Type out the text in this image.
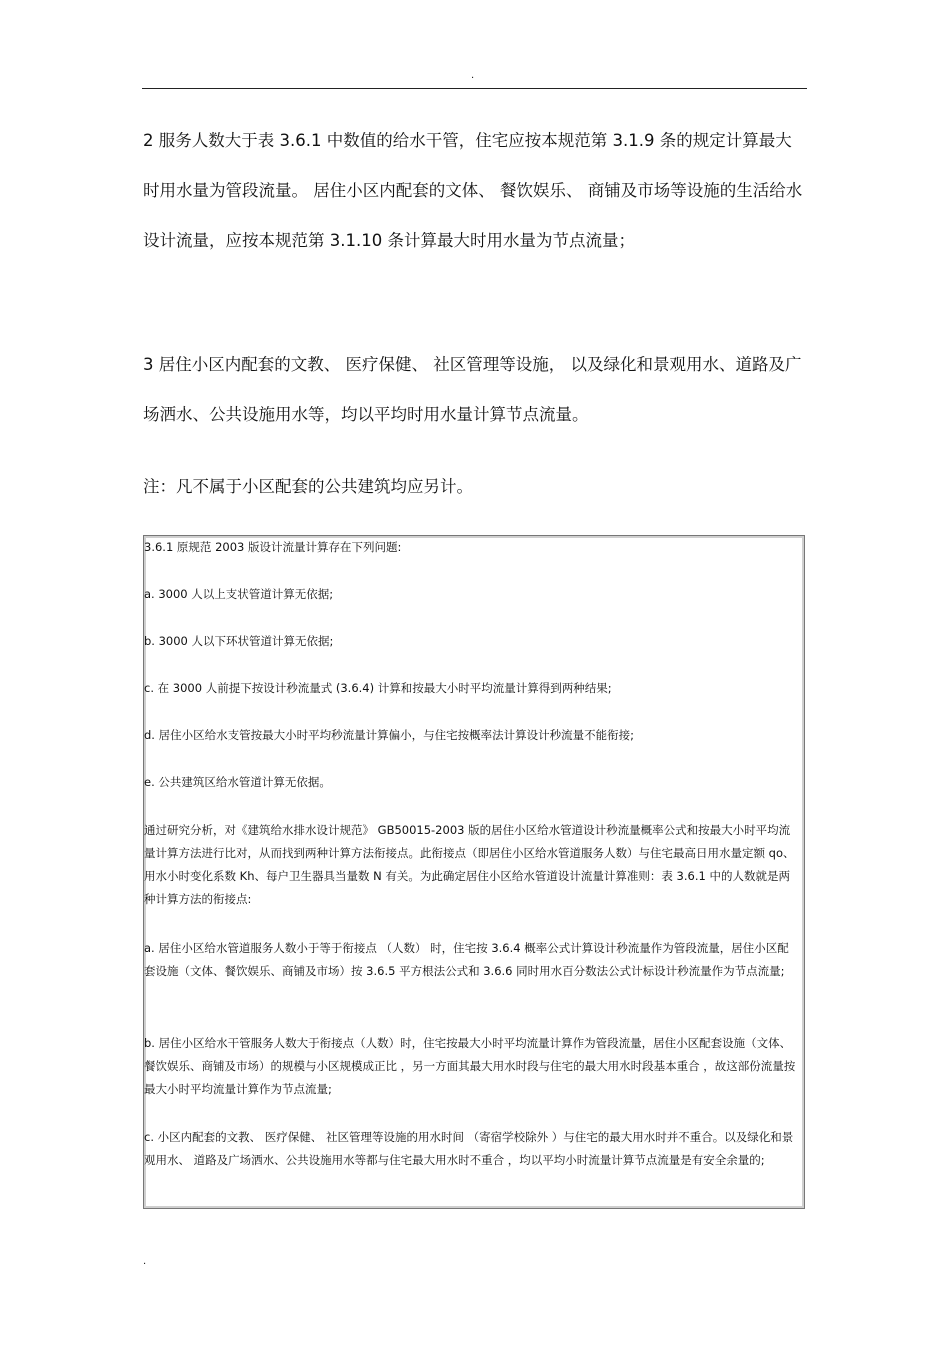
.

2 服务人数大于表 3.6.1 中数值的给水干管，住宅应按本规范第 3.1.9 条的规定计算最大时用水量为管段流量。 居住小区内配套的文体、 餐饮娱乐、 商铺及市场等设施的生活给水设计流量，应按本规范第 3.1.10 条计算最大时用水量为节点流量；

3 居住小区内配套的文教、 医疗保健、 社区管理等设施， 以及绿化和景观用水、道路及广场洒水、公共设施用水等，均以平均时用水量计算节点流量。

注：凡不属于小区配套的公共建筑均应另计。

3.6.1 原规范 2003 版设计流量计算存在下列问题:

a. 3000 人以上支状管道计算无依据;

b. 3000 人以下环状管道计算无依据;

c. 在 3000 人前提下按设计秒流量式 (3.6.4) 计算和按最大小时平均流量计算得到两种结果;

d. 居住小区给水支管按最大小时平均秒流量计算偏小，与住宅按概率法计算设计秒流量不能衔接;

e. 公共建筑区给水管道计算无依据。

通过研究分析，对《建筑给水排水设计规范》 GB50015-2003 版的居住小区给水管道设计秒流量概率公式和按最大小时平均流量计算方法进行比对，从而找到两种计算方法衔接点。此衔接点（即居住小区给水管道服务人数）与住宅最高日用水量定额 qo、用水小时变化系数 Kh、每户卫生器具当量数 N 有关。为此确定居住小区给水管道设计流量计算准则：表 3.6.1 中的人数就是两种计算方法的衔接点:

a. 居住小区给水管道服务人数小于等于衔接点 （人数） 时，住宅按 3.6.4 概率公式计算设计秒流量作为管段流量，居住小区配套设施（文体、餐饮娱乐、商铺及市场）按 3.6.5 平方根法公式和 3.6.6 同时用水百分数法公式计标设计秒流量作为节点流量;

b. 居住小区给水干管服务人数大于衔接点（人数）时，住宅按最大小时平均流量计算作为管段流量，居住小区配套设施（文体、餐饮娱乐、商铺及市场）的规模与小区规模成正比 ，另一方面其最大用水时段与住宅的最大用水时段基本重合 ，故这部份流量按最大小时平均流量计算作为节点流量;

c. 小区内配套的文教、 医疗保健、 社区管理等设施的用水时间 （寄宿学校除外 ）与住宅的最大用水时并不重合。以及绿化和景观用水、 道路及广场洒水、公共设施用水等都与住宅最大用水时不重合 ，均以平均小时流量计算节点流量是有安全余量的;

.
